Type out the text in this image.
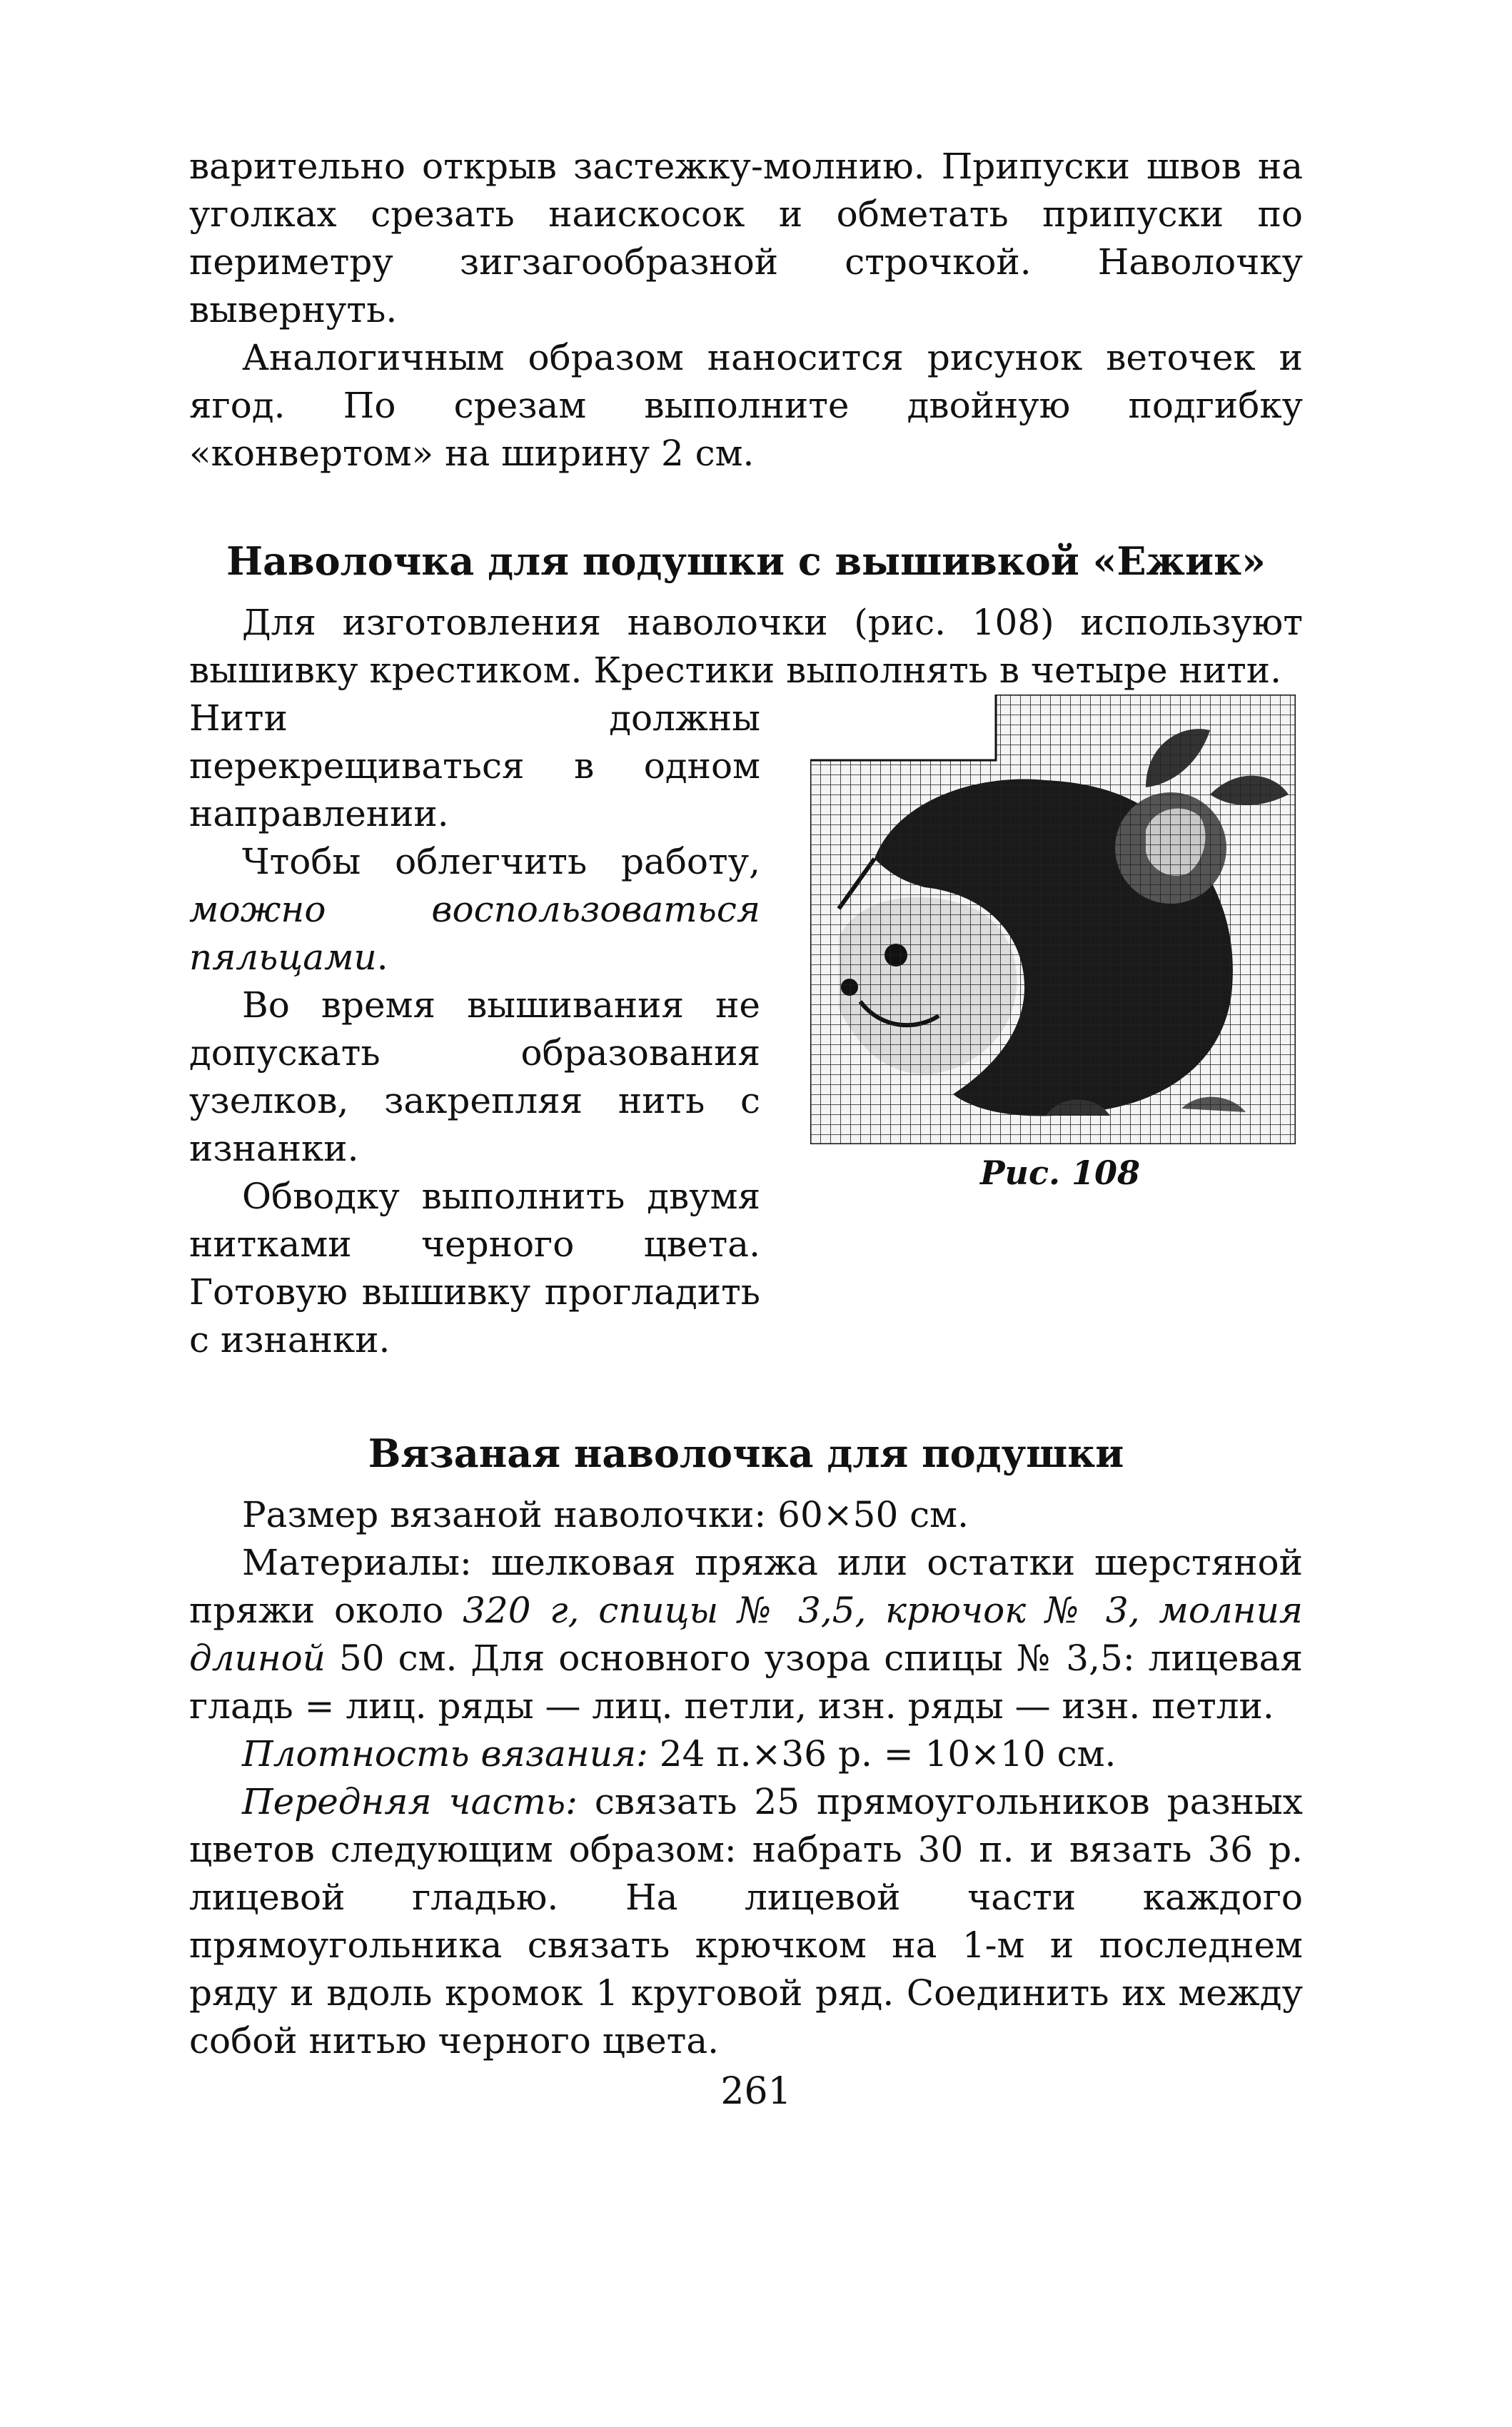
варительно открыв застежку-молнию. Припуски швов на уголках срезать наискосок и обметать припуски по периметру зигзагообразной строчкой. Наволочку вывернуть.

Аналогичным образом наносится рисунок веточек и ягод. По срезам выполните двойную подгибку «конвертом» на ширину 2 см.

Наволочка для подушки с вышивкой «Ежик»

Для изготовления наволочки (рис. 108) используют вышивку крестиком. Крестики выполнять в четыре нити.

Нити должны перекрещиваться в одном направлении.

Чтобы облегчить работу, можно воспользоваться пяльцами.

Во время вышивания не допускать образования узелков, закрепляя нить с изнанки.

Обводку выполнить двумя нитками черного цвета. Готовую вышивку прогладить с изнанки.

Рис. 108
Вязаная наволочка для подушки

Размер вязаной наволочки: 60×50 см.

Материалы: шелковая пряжа или остатки шерстяной пряжи около 320 г, спицы № 3,5, крючок № 3, молния длиной 50 см. Для основного узора спицы № 3,5: лицевая гладь = лиц. ряды — лиц. петли, изн. ряды — изн. петли.

Плотность вязания: 24 п.×36 р. = 10×10 см.

Передняя часть: связать 25 прямоугольников разных цветов следующим образом: набрать 30 п. и вязать 36 р. лицевой гладью. На лицевой части каждого прямоугольника связать крючком на 1-м и последнем ряду и вдоль кромок 1 круговой ряд. Соединить их между собой нитью черного цвета.

261
